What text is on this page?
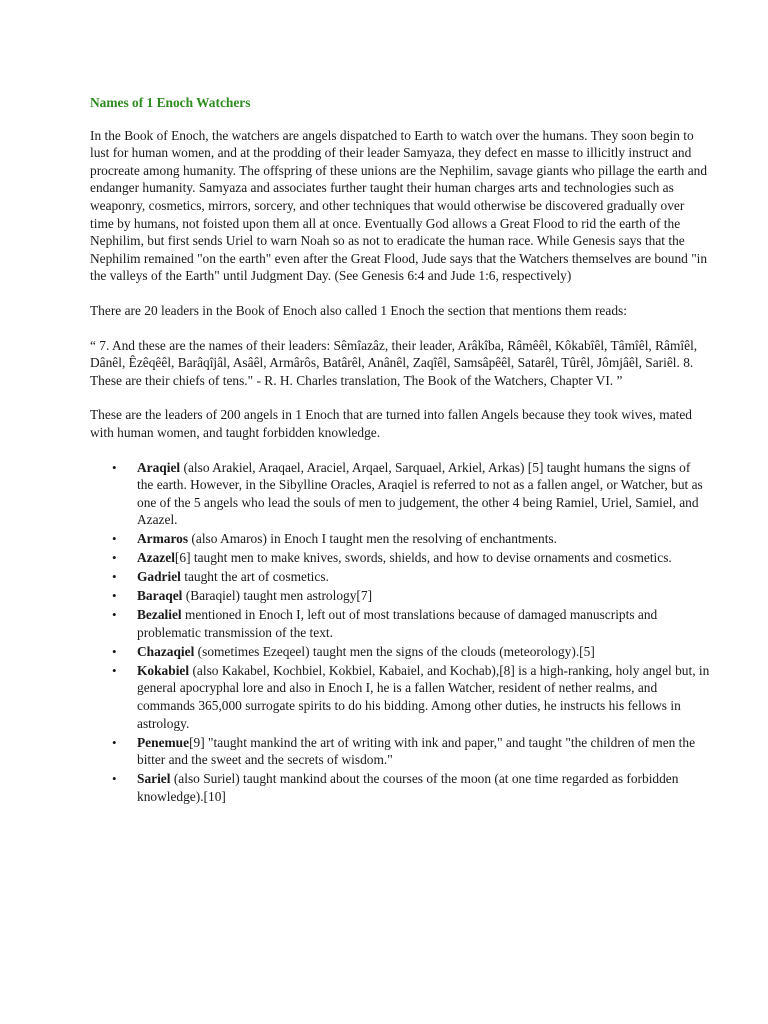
Names of 1 Enoch Watchers

In the Book of Enoch, the watchers are angels dispatched to Earth to watch over the humans. They soon begin to lust for human women, and at the prodding of their leader Samyaza, they defect en masse to illicitly instruct and procreate among humanity. The offspring of these unions are the Nephilim, savage giants who pillage the earth and endanger humanity. Samyaza and associates further taught their human charges arts and technologies such as weaponry, cosmetics, mirrors, sorcery, and other techniques that would otherwise be discovered gradually over time by humans, not foisted upon them all at once. Eventually God allows a Great Flood to rid the earth of the Nephilim, but first sends Uriel to warn Noah so as not to eradicate the human race. While Genesis says that the Nephilim remained "on the earth" even after the Great Flood, Jude says that the Watchers themselves are bound "in the valleys of the Earth" until Judgment Day. (See Genesis 6:4 and Jude 1:6, respectively)

There are 20 leaders in the Book of Enoch also called 1 Enoch the section that mentions them reads:

“ 7. And these are the names of their leaders: Sêmîazâz, their leader, Arâkîba, Râmêêl, Kôkabîêl, Tâmîêl, Râmîêl, Dânêl, Êzêqêêl, Barâqîjâl, Asâêl, Armârôs, Batârêl, Anânêl, Zaqîêl, Samsâpêêl, Satarêl, Tûrêl, Jômjâêl, Sariêl. 8. These are their chiefs of tens." - R. H. Charles translation, The Book of the Watchers, Chapter VI. ”

These are the leaders of 200 angels in 1 Enoch that are turned into fallen Angels because they took wives, mated with human women, and taught forbidden knowledge.

• Araqiel (also Arakiel, Araqael, Araciel, Arqael, Sarquael, Arkiel, Arkas) [5] taught humans the signs of the earth. However, in the Sibylline Oracles, Araqiel is referred to not as a fallen angel, or Watcher, but as one of the 5 angels who lead the souls of men to judgement, the other 4 being Ramiel, Uriel, Samiel, and Azazel.
• Armaros (also Amaros) in Enoch I taught men the resolving of enchantments.
• Azazel[6] taught men to make knives, swords, shields, and how to devise ornaments and cosmetics.
• Gadriel taught the art of cosmetics.
• Baraqel (Baraqiel) taught men astrology[7]
• Bezaliel mentioned in Enoch I, left out of most translations because of damaged manuscripts and problematic transmission of the text.
• Chazaqiel (sometimes Ezeqeel) taught men the signs of the clouds (meteorology).[5]
• Kokabiel (also Kakabel, Kochbiel, Kokbiel, Kabaiel, and Kochab),[8] is a high-ranking, holy angel but, in general apocryphal lore and also in Enoch I, he is a fallen Watcher, resident of nether realms, and commands 365,000 surrogate spirits to do his bidding. Among other duties, he instructs his fellows in astrology.
• Penemue[9] "taught mankind the art of writing with ink and paper," and taught "the children of men the bitter and the sweet and the secrets of wisdom."
• Sariel (also Suriel) taught mankind about the courses of the moon (at one time regarded as forbidden knowledge).[10]
